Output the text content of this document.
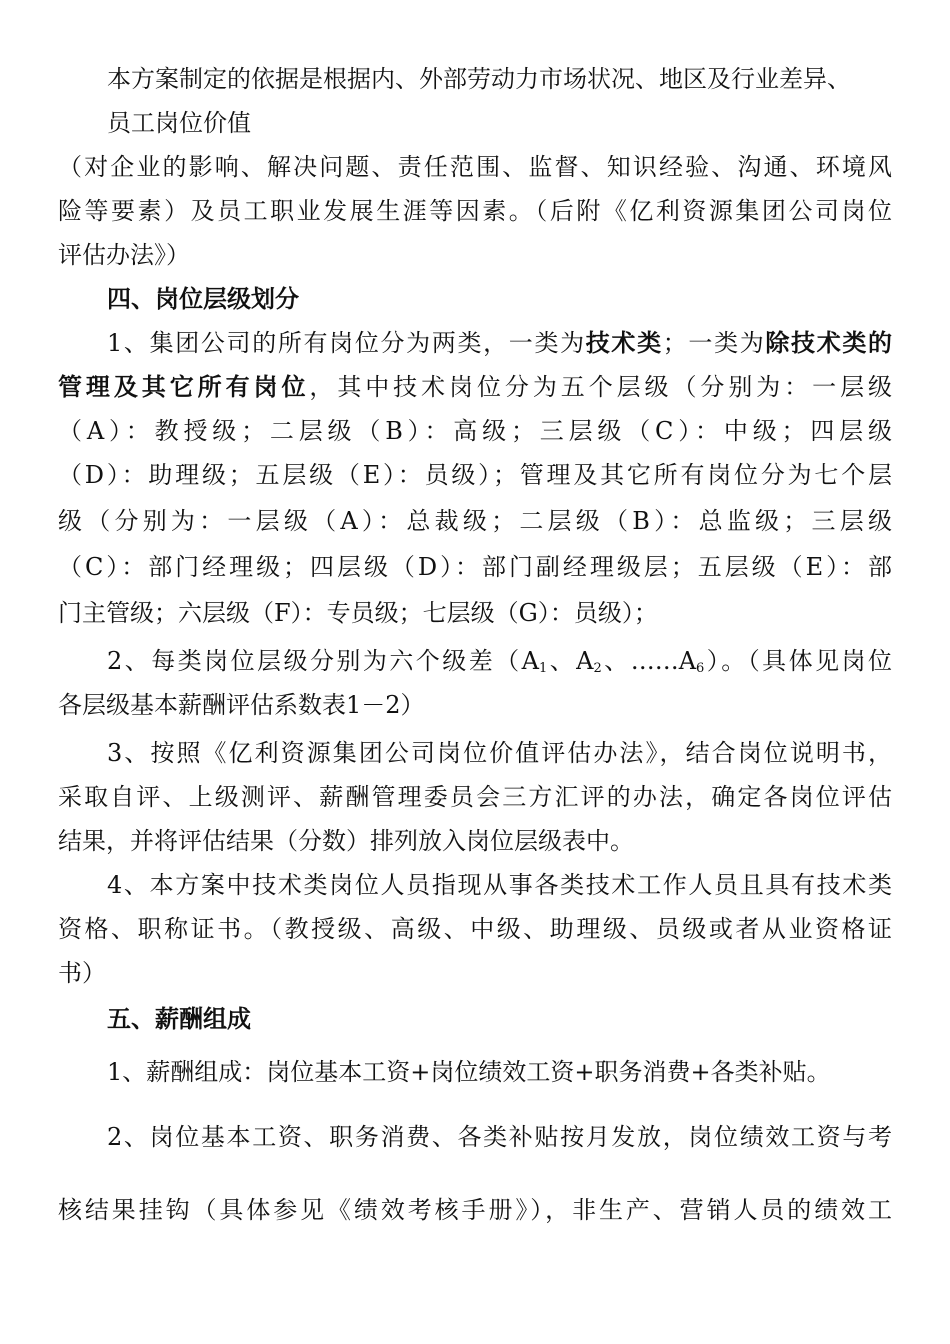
本方案制定的依据是根据内、外部劳动力市场状况、地区及行业差异、
员工岗位价值
（对企业的影响、解决问题、责任范围、监督、知识经验、沟通、环境风
险等要素）及员工职业发展生涯等因素。（后附《亿利资源集团公司岗位
评估办法》）
四、岗位层级划分
1、集团公司的所有岗位分为两类，一类为技术类；一类为除技术类的
管理及其它所有岗位，其中技术岗位分为五个层级（分别为：一层级
（A）：教授级；二层级（B）：高级；三层级（C）：中级；四层级
（D）：助理级；五层级（E）：员级）；管理及其它所有岗位分为七个层
级（分别为：一层级（A）：总裁级；二层级（B）：总监级；三层级
（C）：部门经理级；四层级（D）：部门副经理级层；五层级（E）：部
门主管级；六层级（F）：专员级；七层级（G）：员级）；
2、每类岗位层级分别为六个级差（$A_1$、$A_2$、$\dots\dots A_6$）。（具体见岗位
各层级基本薪酬评估系数表1－2）
3、按照《亿利资源集团公司岗位价值评估办法》，结合岗位说明书，
采取自评、上级测评、薪酬管理委员会三方汇评的办法，确定各岗位评估
结果，并将评估结果（分数）排列放入岗位层级表中。
4、本方案中技术类岗位人员指现从事各类技术工作人员且具有技术类
资格、职称证书。（教授级、高级、中级、助理级、员级或者从业资格证
书）
五、薪酬组成
1、薪酬组成：岗位基本工资+岗位绩效工资+职务消费+各类补贴。
2、岗位基本工资、职务消费、各类补贴按月发放，岗位绩效工资与考
核结果挂钩（具体参见《绩效考核手册》），非生产、营销人员的绩效工
